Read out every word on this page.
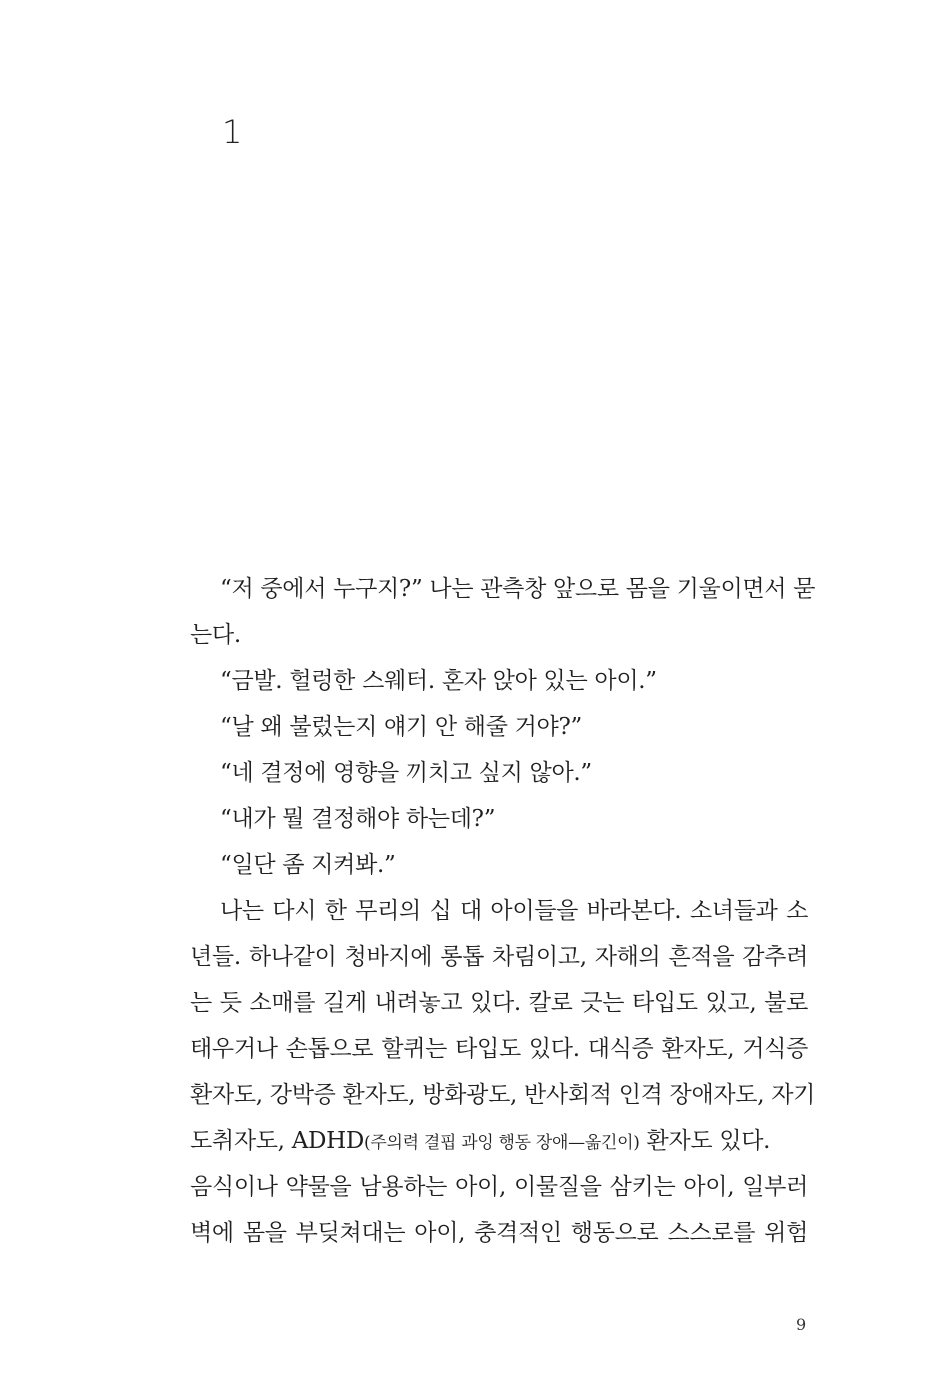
1
“저 중에서 누구지?” 나는 관측창 앞으로 몸을 기울이면서 묻
는다.
“금발. 헐렁한 스웨터. 혼자 앉아 있는 아이.”
“날 왜 불렀는지 얘기 안 해줄 거야?”
“네 결정에 영향을 끼치고 싶지 않아.”
“내가 뭘 결정해야 하는데?”
“일단 좀 지켜봐.”
나는 다시 한 무리의 십 대 아이들을 바라본다. 소녀들과 소
년들. 하나같이 청바지에 롱톱 차림이고, 자해의 흔적을 감추려
는 듯 소매를 길게 내려놓고 있다. 칼로 긋는 타입도 있고, 불로
태우거나 손톱으로 할퀴는 타입도 있다. 대식증 환자도, 거식증
환자도, 강박증 환자도, 방화광도, 반사회적 인격 장애자도, 자기
도취자도, ADHD(주의력 결핍 과잉 행동 장애—옮긴이) 환자도 있다.
음식이나 약물을 남용하는 아이, 이물질을 삼키는 아이, 일부러
벽에 몸을 부딪쳐대는 아이, 충격적인 행동으로 스스로를 위험
9
